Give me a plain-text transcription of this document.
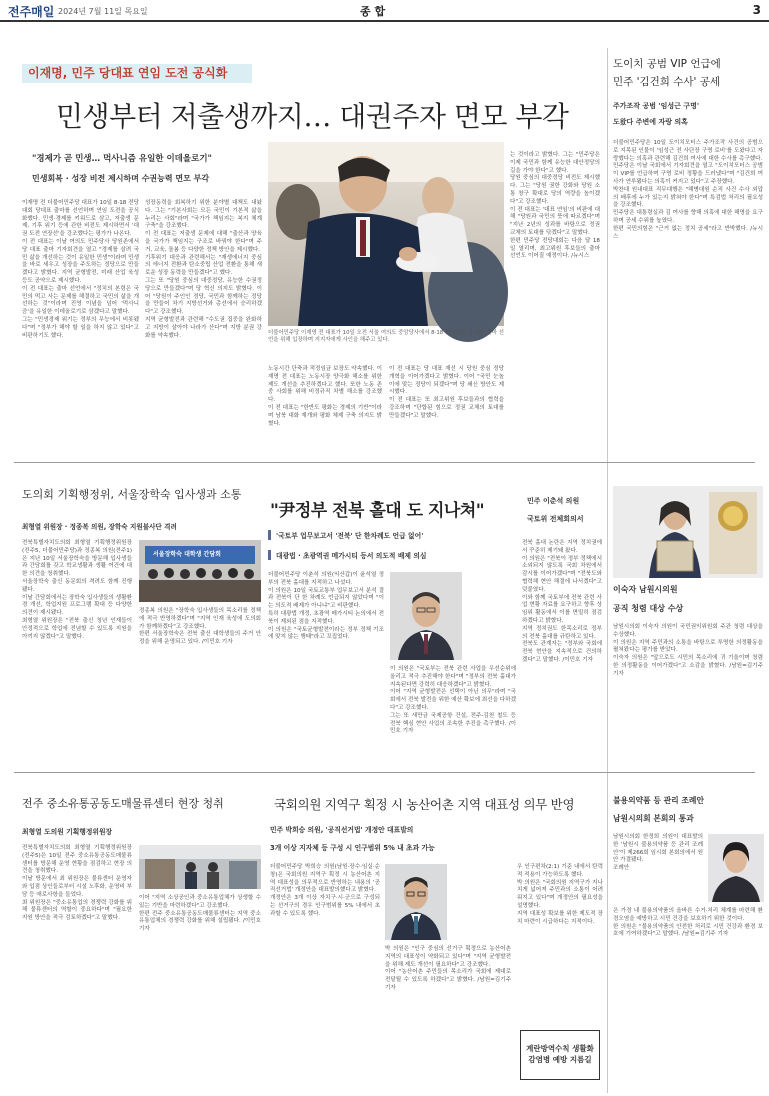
전주매일 2024년 7월 11일 목요일	종 합	3
이재명, 민주 당대표 연임 도전 공식화
민생부터 저출생까지… 대권주자 면모 부각
"경제가 곧 민생… 먹사니즘 유일한 이데올로기"
민생회복 · 성장 비전 제시하며 수권능력 면모 부각
이재명 전 더불어민주당 대표가 10일 8·18 전당대회 당대표 출마를 선언하며 연임 도전을 공식화했다. 민생·경제를 키워드로 삼고, 저출생 문제, 기후 위기 등에 관한 비전도 제시하면서 '대권 도전 연장선'을 강조했다는 평가가 나온다.
이 전 대표는 이날 여의도 민주당사 당원존에서 당 대표 출마 기자회견을 열고 "경제를 살려 국민 삶을 개선하는 것이 유일한 민생"이라며 민생을 바로 세우고 성장을 주도하는 정당으로 만들겠다고 밝혔다. 지역 균형발전, 미래 산업 육성 등도 공약으로 제시했다.
이 전 대표는 출마 선언에서 "정치의 본령은 국민의 먹고 사는 문제를 해결하고 국민의 삶을 개선하는 것"이라며 진영 이념을 넘어 '먹사니즘'을 유일한 이데올로기로 삼겠다고 말했다.
그는 "민생경제 위기는 정부의 무능에서 비롯됐다"며 "정부가 해야 할 일을 하지 않고 있다"고 비판하기도 했다.
성장동력을 회복하기 위한 분야별 대책도 내놨다. 그는 "기본사회는 모든 국민이 기본적 삶을 누리는 사회"라며 "국가가 책임지는 복지 체계 구축"을 강조했다.
이 전 대표는 저출생 문제에 대해 "출산과 양육을 국가가 책임지는 구조로 바꿔야 한다"며 주거, 교육, 돌봄 등 다양한 정책 방안을 제시했다.
기후위기 대응과 관련해서는 "재생에너지 중심의 에너지 전환과 탄소중립 산업 전환을 통해 새로운 성장 동력을 만들겠다"고 했다.
그는 또 "당원 중심의 대중정당, 유능한 수권정당으로 만들겠다"며 당 혁신 의지도 밝혔다. 이어 "당원이 주인인 정당, 국민과 함께하는 정당을 만들어 차기 지방선거와 총선에서 승리하겠다"고 강조했다.
지역 균형발전과 관련해 "수도권 집중을 완화하고 지방이 살아야 나라가 산다"며 지방 분권 강화를 약속했다.	더불어민주당 이재명 전 대표가 10일 오전 서울 여의도 중앙당사에서 8·18 전당대회 당 대표 출마 선언을 위해 입장하며 지지자에게 사인을 해주고 있다.
노동시간 단축과 적정임금 보장도 약속했다. 이재명 전 대표는 노동시장 양극화 해소를 위한 제도 개선을 추진하겠다고 했다. 또한 노동 존중 사회를 위해 비정규직 차별 해소를 강조했다.
이 전 대표는 "한반도 평화는 경제의 기반"이라며 남북 대화 재개와 평화 체제 구축 의지도 밝혔다.
이 전 대표는 당 대표 재선 시 당원 중심 정당 개혁을 이어가겠다고 밝혔다. 이어 "국민 눈높이에 맞는 정당이 되겠다"며 당 쇄신 방안도 제시했다.
이 전 대표는 또 최고위원 후보들과의 협력을 강조하며 "단합된 힘으로 정권 교체의 토대를 만들겠다"고 말했다.
는 것이라고 밝혔다. 그는 "민주당은 이제 국민과 함께 유능한 대안정당의 길을 가야 한다"고 했다.
당원 중심의 대중정당 비전도 제시했다. 그는 "당원 권한 강화와 당원 소통 창구 확대로 당의 역량을 높이겠다"고 강조했다.
이 전 대표는 '대표 연임'의 비판에 대해 "당원과 국민의 뜻에 따르겠다"며 "지난 2년의 성과를 바탕으로 정권 교체의 토대를 닦겠다"고 말했다.
한편 민주당 전당대회는 다음 달 18일 열리며, 최고위원 후보들의 출마 선언도 이어질 예정이다. /뉴시스
도이치 공범 VIP 언급에
민주 '김건희 수사' 공세
주가조작 공범 '임성근 구명'
도왔다 주변에 자랑 의혹
더불어민주당은 10일 도이치모터스 주가조작 사건의 공범으로 지목된 인물이 '임성근 전 사단장 구명 로비'를 도왔다고 자랑했다는 의혹과 관련해 김건희 여사에 대한 수사를 촉구했다.
민주당은 이날 국회에서 기자회견을 열고 "도이치모터스 공범이 VIP를 언급하며 구명 로비 정황을 드러냈다"며 "김건희 여사가 연루됐다는 의혹이 커지고 있다"고 주장했다.
박찬대 원내대표 직무대행은 "해병대원 순직 사건 수사 외압의 배후에 누가 있는지 밝혀야 한다"며 특검법 처리의 필요성을 강조했다.
민주당은 대통령실과 김 여사를 향해 의혹에 대한 해명을 요구하며 공세 수위를 높였다.
한편 국민의힘은 "근거 없는 정치 공세"라고 반박했다. /뉴시스
도의회 기획행정위, 서울장학숙 입사생과 소통
최형열 위원장 · 정종복 의원, 장학숙 지원불사단 격려
전북특별자치도의회 최형열 기획행정위원장(전주5, 더불어민주당)과 정종복 의원(전주1)은 지난 10일 서울장학숙을 방문해 입사생들과 간담회를 갖고 학교생활과 생활 여건에 대한 의견을 청취했다.
서울장학숙 출신 동문회의 격려도 함께 진행됐다.
이날 간담회에서는 장학숙 입사생들의 생활환경 개선, 학업지원 프로그램 확대 등 다양한 의견이 제시됐다.
최형열 위원장은 "전북 출신 청년 인재들이 안정적으로 학업에 전념할 수 있도록 지원을 아끼지 않겠다"고 말했다.
서울장학숙 대학생 간담회
정종복 의원은 "장학숙 입사생들의 목소리를 정책에 적극 반영하겠다"며 "지역 인재 육성에 도의회가 함께하겠다"고 강조했다.
한편 서울장학숙은 전북 출신 대학생들의 주거 안정을 위해 운영되고 있다. /이민호 기자
"尹정부 전북 홀대 도 지나쳐"
'국토부 업무보고서 '전북' 단 한차례도 언급 없어'
대광법 · 초광역권 메가시티 등서 의도적 배제 의심
더불어민주당 이춘석 의원(익산갑)이 윤석열 정부의 전북 홀대를 지적하고 나섰다.
이 의원은 10일 국토교통부 업무보고서 분석 결과 전북이 단 한 차례도 언급되지 않았다며 "이는 의도적 배제가 아니냐"고 비판했다.
특히 대광법 개정, 초광역 메가시티 논의에서 전북이 제외된 점을 지적했다.
이 의원은 "국토균형발전이라는 정부 정책 기조에 맞지 않는 행태"라고 꼬집었다.
이 의원은 "국토부는 전북 관련 사업을 우선순위에 올리고 적극 추진해야 한다"며 "정부의 전북 홀대가 지속된다면 강력히 대응하겠다"고 밝혔다.
이어 "지역 균형발전은 선택이 아닌 의무"라며 "국회에서 전북 발전을 위한 예산 확보에 최선을 다하겠다"고 강조했다.
그는 또 새만금 국제공항 건설, 전주-김천 철도 등 전북 핵심 현안 사업의 조속한 추진을 촉구했다. /이민호 기자
전북 홀대 논란은 지역 정치권에서 꾸준히 제기돼 왔다.
이 의원은 "전북이 정부 정책에서 소외되지 않도록 국회 차원에서 감시를 이어가겠다"며 "전북도와 협력해 현안 해결에 나서겠다"고 덧붙였다.
이와 함께 국토부에 전북 관련 사업 현황 자료를 요구하고 향후 상임위 활동에서 이를 면밀히 점검하겠다고 밝혔다.
지역 정치권도 한목소리로 정부의 전북 홀대를 규탄하고 있다.
전북도 관계자는 "정부와 국회에 전북 현안을 지속적으로 건의하겠다"고 말했다. /이민호 기자
민주 이춘석 의원
국토위 전체회의서
이숙자 남원시의원
공직 청렴 대상 수상
남원시의회 이숙자 의원이 국민권익위원회 주관 청렴 대상을 수상했다.
이 의원은 지역 주민과의 소통을 바탕으로 투명한 의정활동을 펼쳐왔다는 평가를 받았다.
이숙자 의원은 "앞으로도 시민의 목소리에 귀 기울이며 청렴한 의정활동을 이어가겠다"고 소감을 밝혔다. /남원=김기주 기자
전주 중소유통공동도매물류센터 현장 청취
최형열 도의원 기획행정위원장
전북특별자치도의회 최형열 기획행정위원장(전주5)은 10일 전주 중소유통공동도매물류센터를 방문해 운영 현황을 점검하고 현장 의견을 청취했다.
이날 방문에서 최 위원장은 물류센터 운영자와 입점 상인들로부터 시설 노후화, 운영비 부담 등 애로사항을 들었다.
최 위원장은 "중소유통업의 경쟁력 강화를 위해 물류센터의 역할이 중요하다"며 "필요한 지원 방안을 적극 검토하겠다"고 말했다.
이어 "지역 소상공인과 중소유통업체가 상생할 수 있는 기반을 마련하겠다"고 강조했다.
한편 전주 중소유통공동도매물류센터는 지역 중소유통업체의 경쟁력 강화를 위해 설립됐다. /이민호 기자
국회의원 지역구 획정 시 농산어촌 지역 대표성 의무 반영
민주 박희승 의원, '공직선거법' 개정안 대표발의
3개 이상 지자체 등 구성 시 인구범위 5% 내 초과 가능
더불어민주당 박희승 의원(남원·장수·임실·순창)은 국회의원 지역구 획정 시 농산어촌 지역 대표성을 의무적으로 반영하는 내용의 '공직선거법' 개정안을 대표발의했다고 밝혔다.
개정안은 3개 이상 자치구·시·군으로 구성되는 선거구의 경우 인구범위를 5% 내에서 초과할 수 있도록 했다.
박 의원은 "인구 중심의 선거구 획정으로 농산어촌 지역의 대표성이 약화되고 있다"며 "지역 균형발전을 위해 제도 개선이 필요하다"고 강조했다.
이어 "농산어촌 주민들의 목소리가 국회에 제대로 전달될 수 있도록 하겠다"고 밝혔다. /남원=김기주 기자
우 인구편차(2:1) 기준 내에서 탄력적 적용이 가능하도록 했다.
박 의원은 "국회의원 지역구가 지나치게 넓어져 주민과의 소통이 어려워지고 있다"며 개정안의 필요성을 설명했다.
지역 대표성 확보를 위한 제도적 장치 마련이 시급하다는 지적이다.
계란방역수칙 생활화
감염병 예방 지름길
불용의약품 등 관리 조례안
남원시의회 본회의 통과
남원시의회 한정희 의원이 대표발의한 '남원시 불용의약품 등 관리 조례안'이 제266회 임시회 본회의에서 원안 가결됐다.
조례안
은 가정 내 불용의약품의 올바른 수거·처리 체계를 마련해 환경오염을 예방하고 시민 건강을 보호하기 위한 것이다.
한 의원은 "불용의약품의 안전한 처리로 시민 건강과 환경 보호에 기여하겠다"고 말했다. /남원=김기주 기자
